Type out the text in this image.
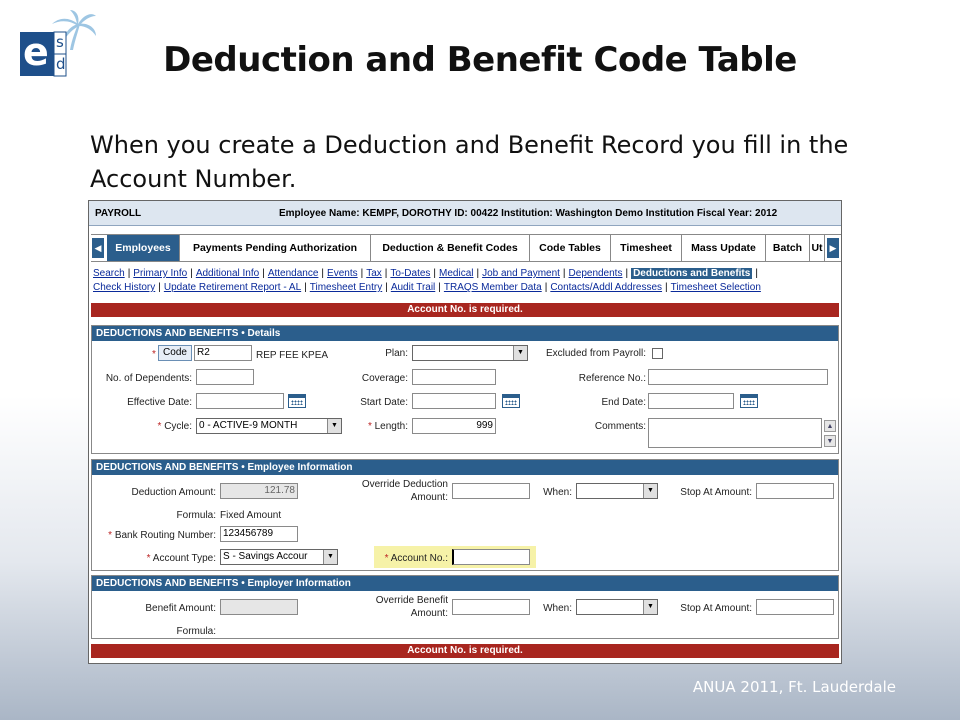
e s
d	Deduction and Benefit Code Table
When you create a Deduction and Benefit Record you fill in the Account Number.
PAYROLL	Employee Name: KEMPF, DOROTHY ID: 00422 Institution: Washington Demo Institution Fiscal Year: 2012
◀	Employees	Payments Pending Authorization	Deduction & Benefit Codes	Code Tables	Timesheet	Mass Update	Batch Ut ▶
Search | Primary Info | Additional Info | Attendance | Events | Tax | To-Dates | Medical | Job and Payment | Dependents | Deductions and Benefits |
Check History | Update Retirement Report - AL | Timesheet Entry | Audit Trail | TRAQS Member Data | Contacts/Addl Addresses | Timesheet Selection
Account No. is required.
DEDUCTIONS AND BENEFITS • Details
* Code	R2	REP FEE KPEA	Plan:	▼	Excluded from Payroll:
No. of Dependents:	Coverage:	Reference No.:
Effective Date:	Start Date:	End Date:
* Cycle: 0 - ACTIVE-9 MONTH	▼	* Length:	999	Comments:	▲
▼
DEDUCTIONS AND BENEFITS • Employee Information
Deduction Amount:	121.78
Override Deduction
Amount:	When:	▼	Stop At Amount:
Formula: Fixed Amount
* Bank Routing Number: 123456789
* Account Type: S - Savings Accour	▼	* Account No.:
DEDUCTIONS AND BENEFITS • Employer Information
Benefit Amount:
Override Benefit
Amount:	When:	▼	Stop At Amount:
Formula:
Account No. is required.
ANUA 2011, Ft. Lauderdale
